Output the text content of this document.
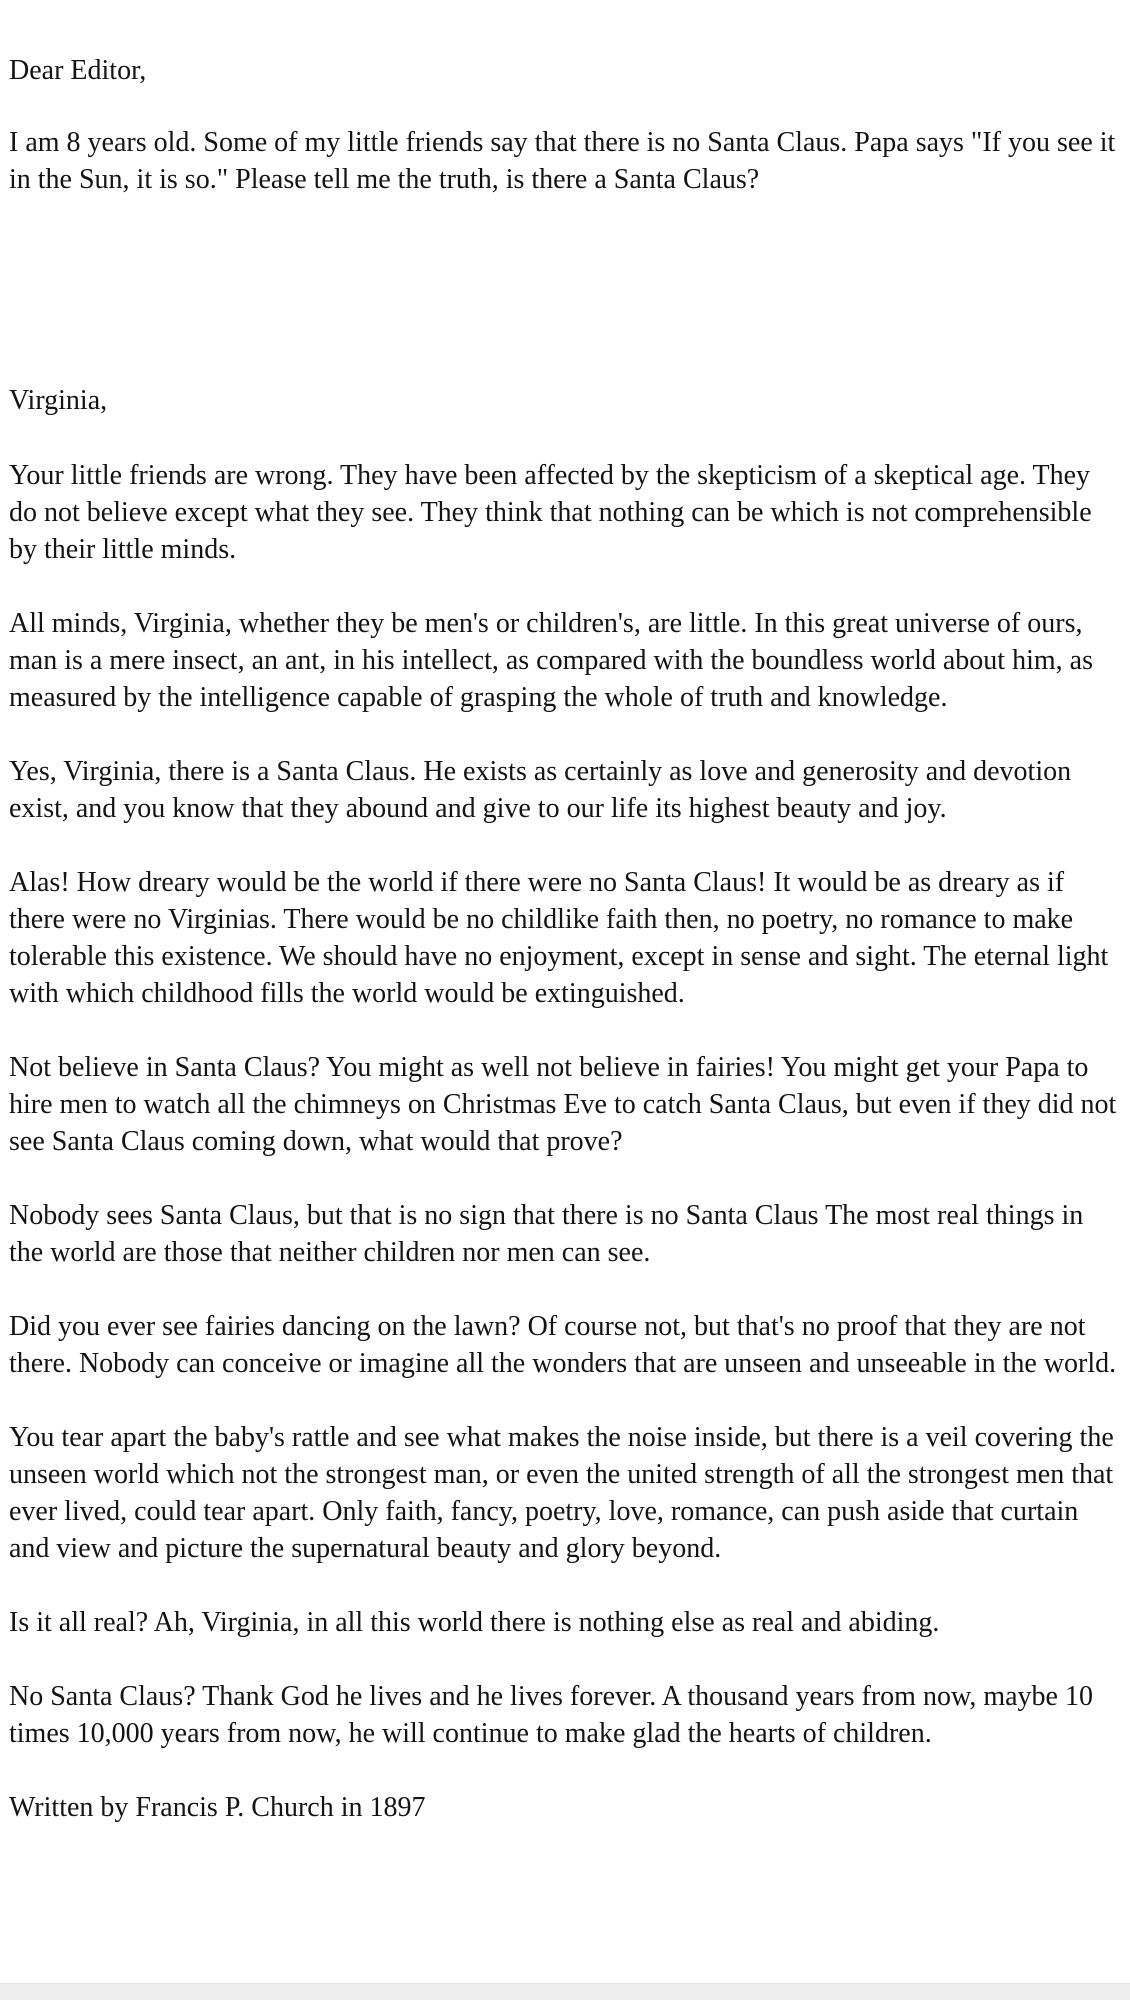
Dear Editor,

I am 8 years old. Some of my little friends say that there is no Santa Claus. Papa says "If you see it in the Sun, it is so." Please tell me the truth, is there a Santa Claus?

Virginia,

Your little friends are wrong. They have been affected by the skepticism of a skeptical age. They do not believe except what they see. They think that nothing can be which is not comprehensible by their little minds.

All minds, Virginia, whether they be men's or children's, are little. In this great universe of ours, man is a mere insect, an ant, in his intellect, as compared with the boundless world about him, as measured by the intelligence capable of grasping the whole of truth and knowledge.

Yes, Virginia, there is a Santa Claus. He exists as certainly as love and generosity and devotion exist, and you know that they abound and give to our life its highest beauty and joy.

Alas! How dreary would be the world if there were no Santa Claus! It would be as dreary as if there were no Virginias. There would be no childlike faith then, no poetry, no romance to make tolerable this existence. We should have no enjoyment, except in sense and sight. The eternal light with which childhood fills the world would be extinguished.

Not believe in Santa Claus? You might as well not believe in fairies! You might get your Papa to hire men to watch all the chimneys on Christmas Eve to catch Santa Claus, but even if they did not see Santa Claus coming down, what would that prove?

Nobody sees Santa Claus, but that is no sign that there is no Santa Claus The most real things in the world are those that neither children nor men can see.

Did you ever see fairies dancing on the lawn? Of course not, but that's no proof that they are not there. Nobody can conceive or imagine all the wonders that are unseen and unseeable in the world.

You tear apart the baby's rattle and see what makes the noise inside, but there is a veil covering the unseen world which not the strongest man, or even the united strength of all the strongest men that ever lived, could tear apart. Only faith, fancy, poetry, love, romance, can push aside that curtain and view and picture the supernatural beauty and glory beyond.

Is it all real? Ah, Virginia, in all this world there is nothing else as real and abiding.

No Santa Claus? Thank God he lives and he lives forever. A thousand years from now, maybe 10 times 10,000 years from now, he will continue to make glad the hearts of children.

Written by Francis P. Church in 1897
